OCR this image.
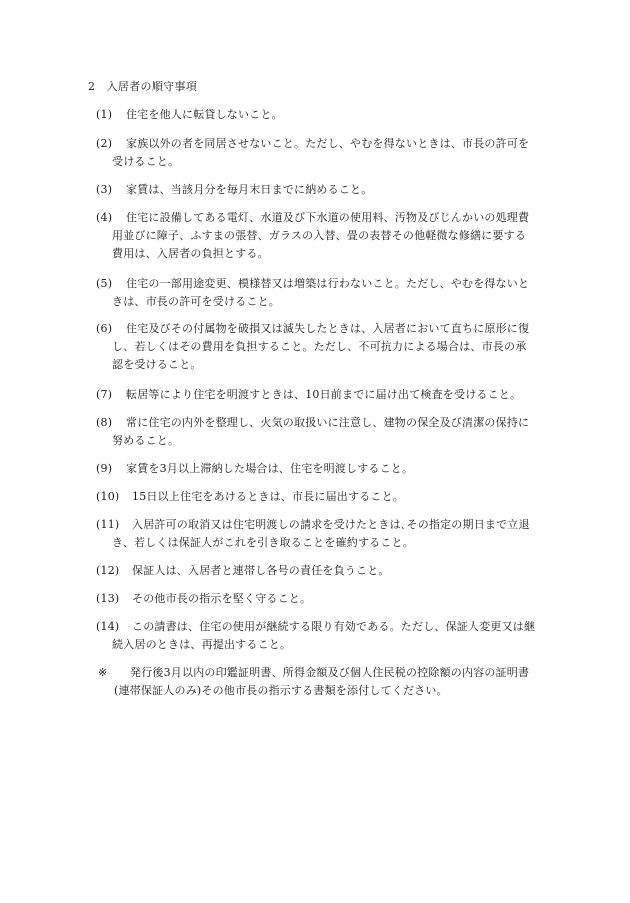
2　 入居者の順守事項
(1)	住宅を他人に転貸しないこと。
(2)	家族以外の者を同居させないこと。ただし、やむを得ないときは、市長の許可を
受けること。
(3)	家賃は、当該月分を毎月末日までに納めること。
(4)	住宅に設備してある電灯、水道及び下水道の使用料、汚物及びじんかいの処理費
用並びに障子、ふすまの張替、ガラスの入替、畳の表替その他軽微な修繕に要する
費用は、入居者の負担とする。
(5)	住宅の一部用途変更、模様替又は増築は行わないこと。ただし、やむを得ないと
きは、市長の許可を受けること。
(6)	住宅及びその付属物を破損又は滅失したときは、入居者において直ちに原形に復
し、若しくはその費用を負担すること。ただし、不可抗力による場合は、市長の承
認を受けること。
(7)	転居等により住宅を明渡すときは、10日前までに届け出て検査を受けること。
(8)	常に住宅の内外を整理し、火気の取扱いに注意し、建物の保全及び清潔の保持に
努めること。
(9)	家賃を3月以上滞納した場合は、住宅を明渡しすること。
(10)	15日以上住宅をあけるときは、市長に届出すること。
(11)	入居許可の取消又は住宅明渡しの請求を受けたときは､その指定の期日まで立退
き、若しくは保証人がこれを引き取ることを確約すること。
(12)	保証人は、入居者と連帯し各号の責任を負うこと。
(13)	その他市長の指示を堅く守ること。
(14)	この請書は、住宅の使用が継続する限り有効である。ただし、保証人変更又は継
続入居のときは、再提出すること。
※	発行後3月以内の印鑑証明書、所得金額及び個人住民税の控除額の内容の証明書
(連帯保証人のみ)その他市長の指示する書類を添付してください。
